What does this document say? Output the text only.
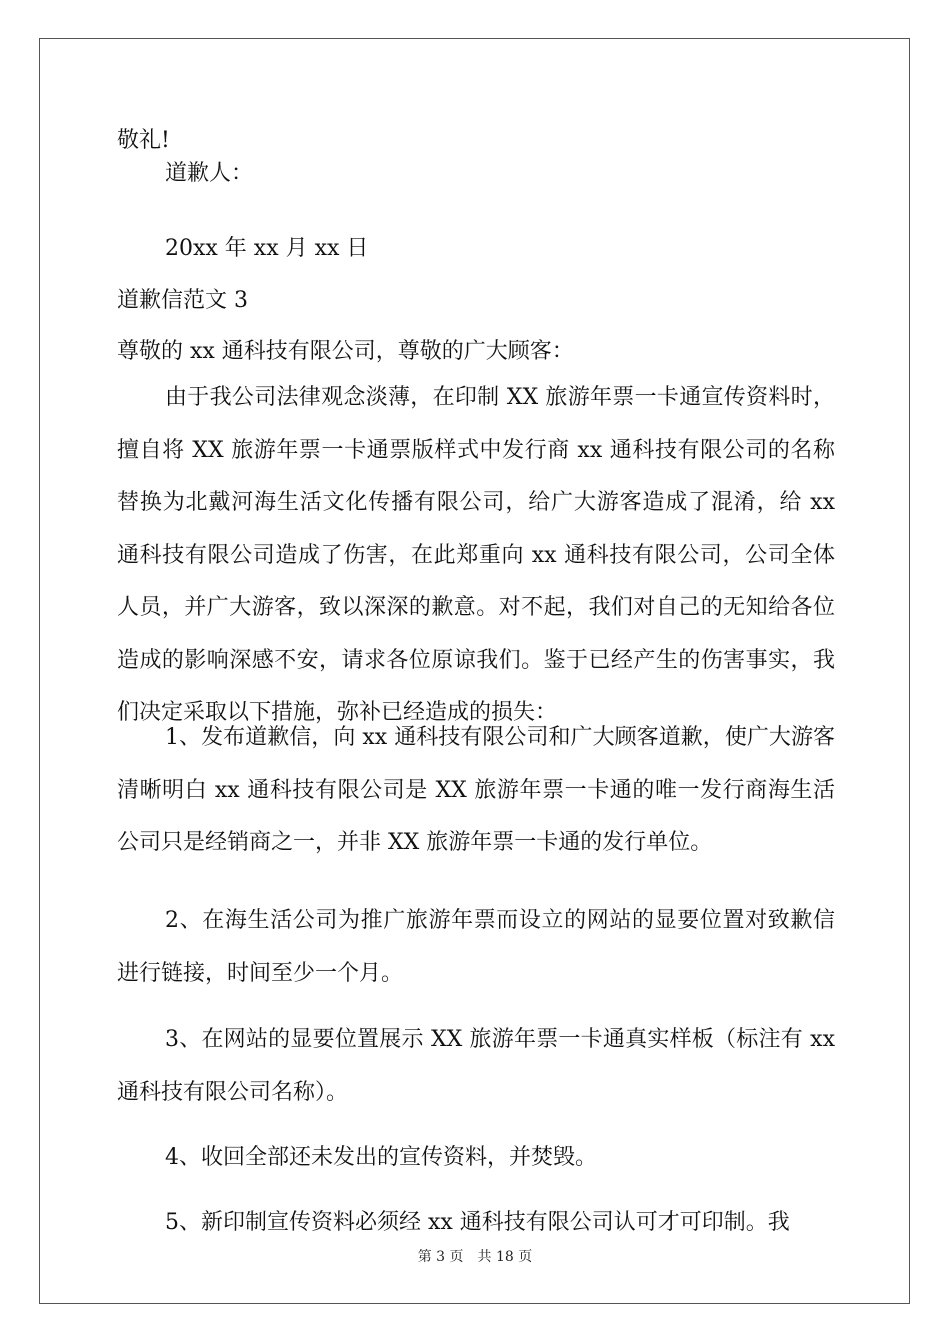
敬礼!
道歉人：
20xx 年 xx 月 xx 日
道歉信范文 3
尊敬的 xx 通科技有限公司，尊敬的广大顾客：
由于我公司法律观念淡薄，在印制 XX 旅游年票一卡通宣传资料时，擅自将 XX 旅游年票一卡通票版样式中发行商 xx 通科技有限公司的名称替换为北戴河海生活文化传播有限公司，给广大游客造成了混淆，给 xx 通科技有限公司造成了伤害，在此郑重向 xx 通科技有限公司，公司全体人员，并广大游客，致以深深的歉意。对不起，我们对自己的无知给各位造成的影响深感不安，请求各位原谅我们。鉴于已经产生的伤害事实，我们决定采取以下措施，弥补已经造成的损失：
1、发布道歉信，向 xx 通科技有限公司和广大顾客道歉，使广大游客清晰明白 xx 通科技有限公司是 XX 旅游年票一卡通的唯一发行商海生活公司只是经销商之一，并非 XX 旅游年票一卡通的发行单位。
2、在海生活公司为推广旅游年票而设立的网站的显要位置对致歉信进行链接，时间至少一个月。
3、在网站的显要位置展示 XX 旅游年票一卡通真实样板（标注有 xx 通科技有限公司名称）。
4、收回全部还未发出的宣传资料，并焚毁。
5、新印制宣传资料必须经 xx 通科技有限公司认可才可印制。我
第 3 页 共 18 页
